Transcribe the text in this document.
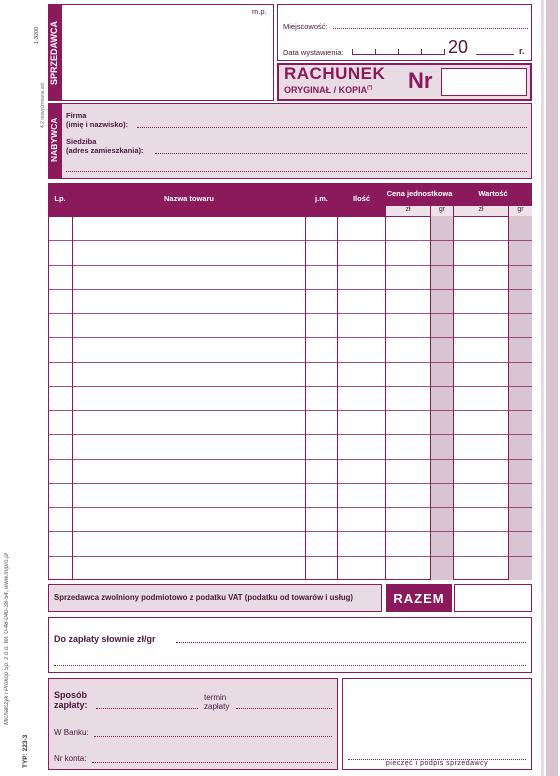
Michalczyk i Prokop Sp. z o.o. tel. 0-48-040-38-54, www.mipro.pl
TYP: 223-3
1-3200
4,2 nowy/zmiana art.
SPRZEDAWCA
m.p.
Miejscowość:
Data wystawienia:	20	r.
RACHUNEK
ORYGINAŁ / KOPIA(*) Nr
NABYWCA
Firma
(imię i nazwisko):
Siedziba
(adres zamieszkania):
Lp.	Nazwa towaru	j.m.	Ilość
Cena jednostkowa	Wartość
zł	gr	zł	gr
Sprzedawca zwolniony podmiotowo z podatku VAT (podatku od towarów i usług)	RAZEM
Do zapłaty słownie zł/gr
Sposób
zapłaty:
termin
zapłaty
W Banku:
Nr konta:
pieczęć i podpis sprzedawcy
